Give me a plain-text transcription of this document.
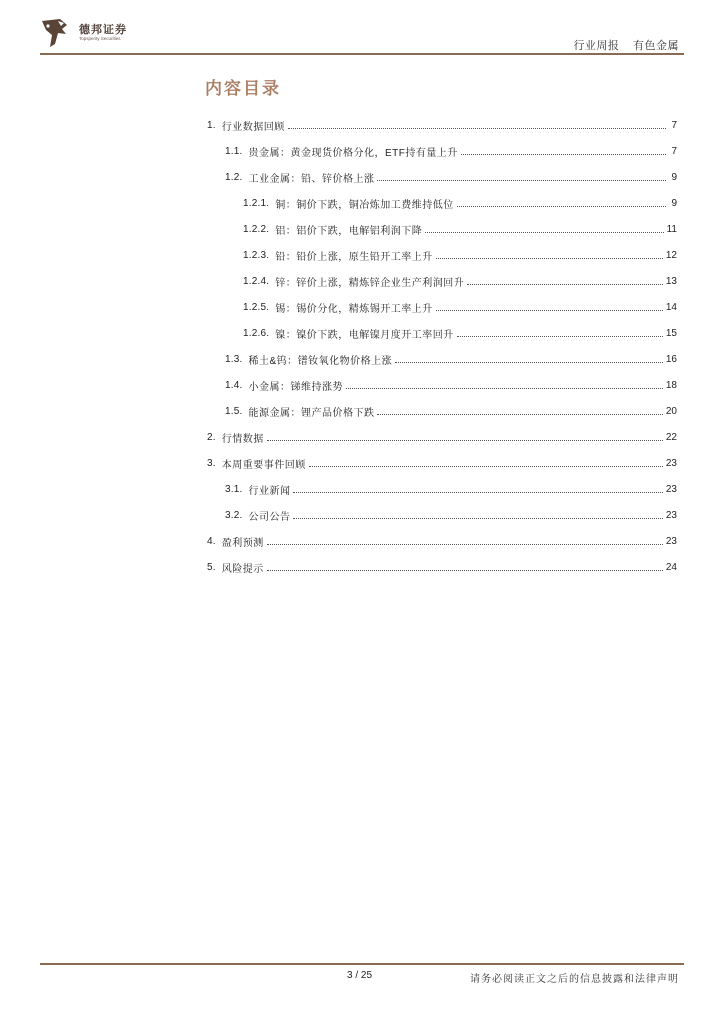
德邦证券
Topsperity Securities
行业周报 有色金属
内容目录
1. 行业数据回顾	7
1.1. 贵金属：黄金现货价格分化，ETF持有量上升	7
1.2. 工业金属：铅、锌价格上涨	9
1.2.1. 铜：铜价下跌，铜冶炼加工费维持低位	9
1.2.2. 铝：铝价下跌，电解铝利润下降	11
1.2.3. 铅：铅价上涨，原生铅开工率上升	12
1.2.4. 锌：锌价上涨，精炼锌企业生产利润回升	13
1.2.5. 锡：锡价分化，精炼锡开工率上升	14
1.2.6. 镍：镍价下跌，电解镍月度开工率回升	15
1.3. 稀土&钨：镨钕氧化物价格上涨	16
1.4. 小金属：锑维持涨势	18
1.5. 能源金属：锂产品价格下跌	20
2. 行情数据	22
3. 本周重要事件回顾	23
3.1. 行业新闻	23
3.2. 公司公告	23
4. 盈利预测	23
5. 风险提示	24
3 / 25	请务必阅读正文之后的信息披露和法律声明
